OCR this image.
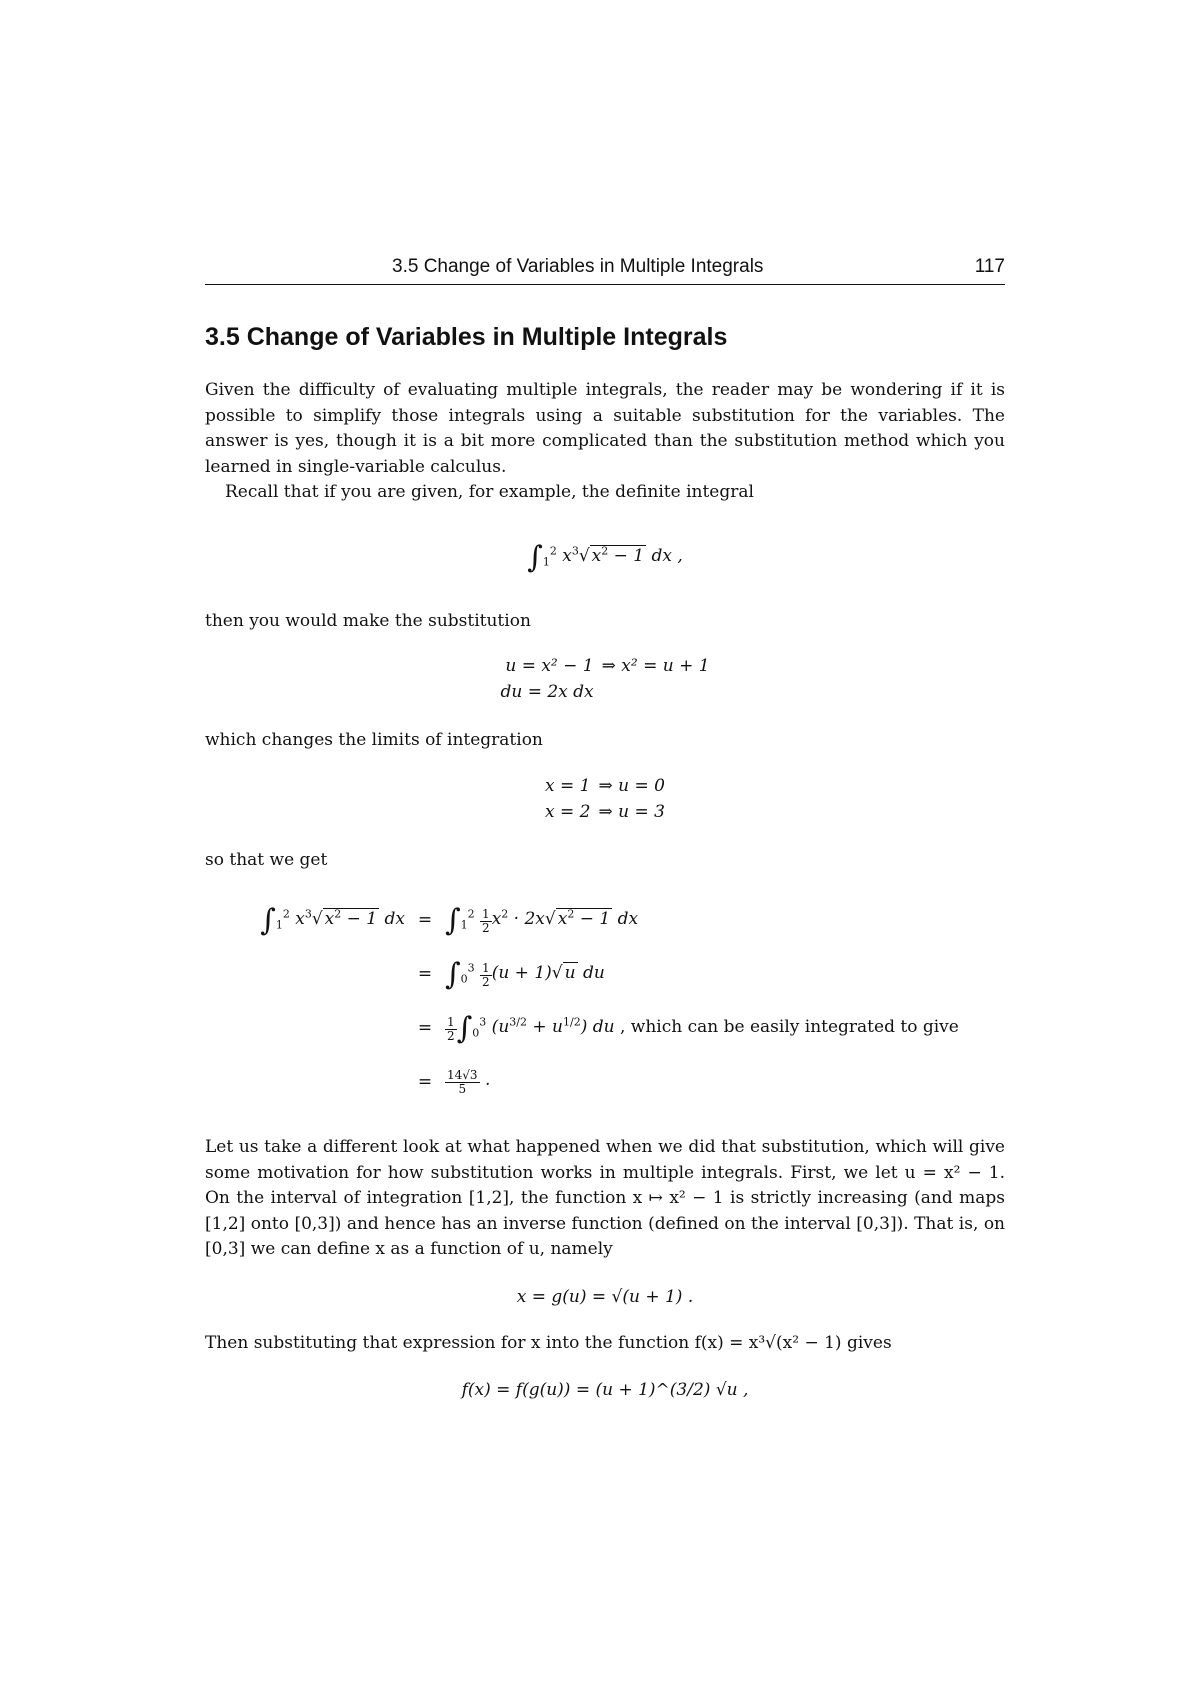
3.5 Change of Variables in Multiple Integrals	117
3.5 Change of Variables in Multiple Integrals

Given the difficulty of evaluating multiple integrals, the reader may be wondering if it is possible to simplify those integrals using a suitable substitution for the variables. The answer is yes, though it is a bit more complicated than the substitution method which you learned in single-variable calculus.

Recall that if you are given, for example, the definite integral

$\int_1^2$ $x^3√$ $x^2 - 1$ dx ,

then you would make the substitution

u = x² − 1 ⇒ x² = u + 1
du = 2x dx

which changes the limits of integration

x = 1 ⇒ u = 0
x = 2 ⇒ u = 3

so that we get

$\int_1^2$ $x^3√$ $x^2 - 1$ dx = $\int_1^2 \frac{1}{2} x^2 \cdot 2x√$ $x^2 - 1$ dx
= $\int_0^3 \frac{1}{2} (u + 1)√$ u du
=	$\frac{1}{2} \int_0^3$ $(u^{3/2} + u^{1/2})$ du , which can be easily integrated to give
=	$\frac{14√3}{5}$ .

Let us take a different look at what happened when we did that substitution, which will give some motivation for how substitution works in multiple integrals. First, we let u = x² − 1. On the interval of integration [1,2], the function x ↦ x² − 1 is strictly increasing (and maps [1,2] onto [0,3]) and hence has an inverse function (defined on the interval [0,3]). That is, on [0,3] we can define x as a function of u, namely

x = g(u) = √(u + 1) .

Then substituting that expression for x into the function f(x) = x³√(x² − 1) gives

f(x) = f(g(u)) = (u + 1)^(3/2) √u ,
